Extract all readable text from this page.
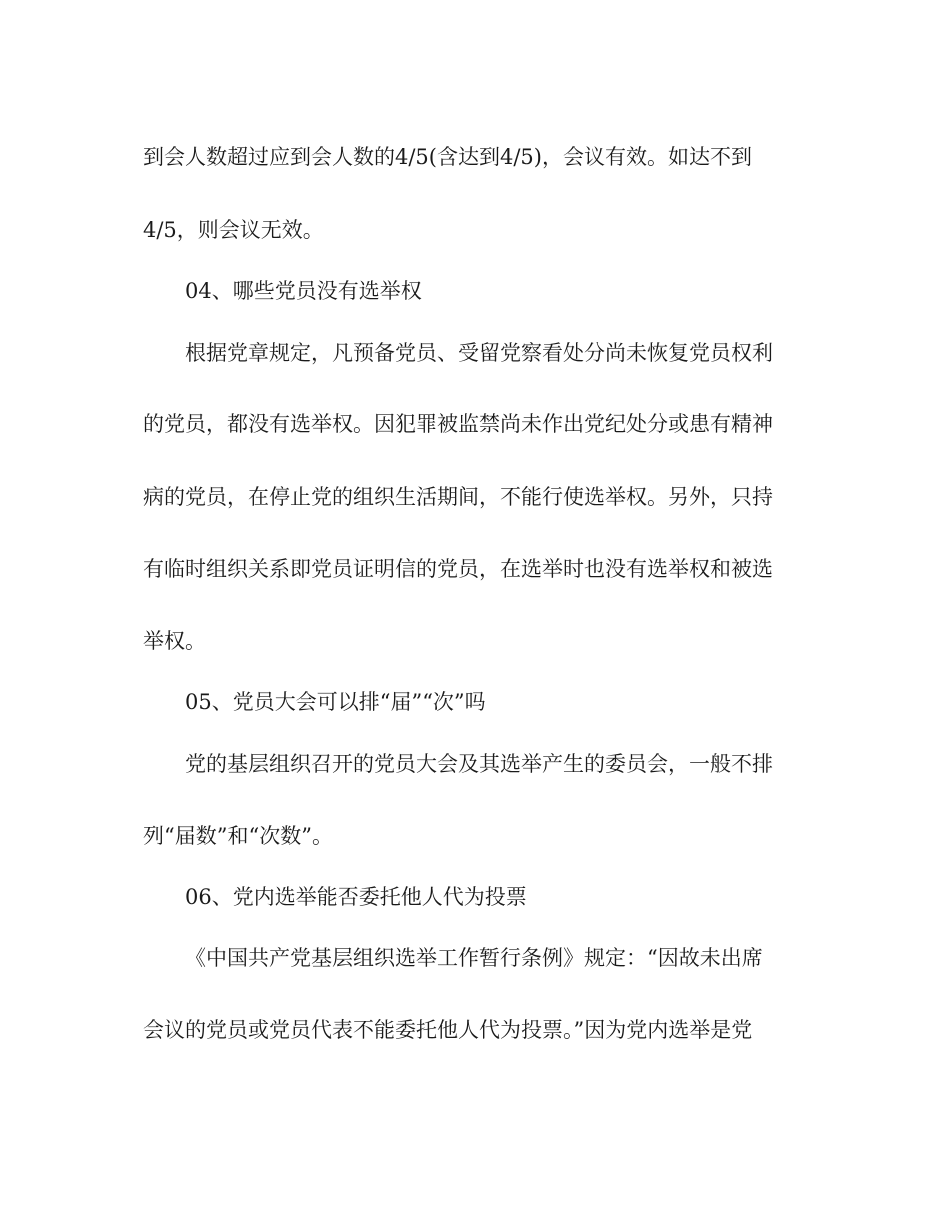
到会人数超过应到会人数的4/5(含达到4/5)，会议有效。如达不到
4/5，则会议无效。
04、哪些党员没有选举权
根据党章规定，凡预备党员、受留党察看处分尚未恢复党员权利
的党员，都没有选举权。因犯罪被监禁尚未作出党纪处分或患有精神
病的党员，在停止党的组织生活期间，不能行使选举权。另外，只持
有临时组织关系即党员证明信的党员，在选举时也没有选举权和被选
举权。
05、党员大会可以排“届”“次”吗
党的基层组织召开的党员大会及其选举产生的委员会，一般不排
列“届数”和“次数”。
06、党内选举能否委托他人代为投票
《中国共产党基层组织选举工作暂行条例》规定：“因故未出席
会议的党员或党员代表不能委托他人代为投票。”因为党内选举是党
